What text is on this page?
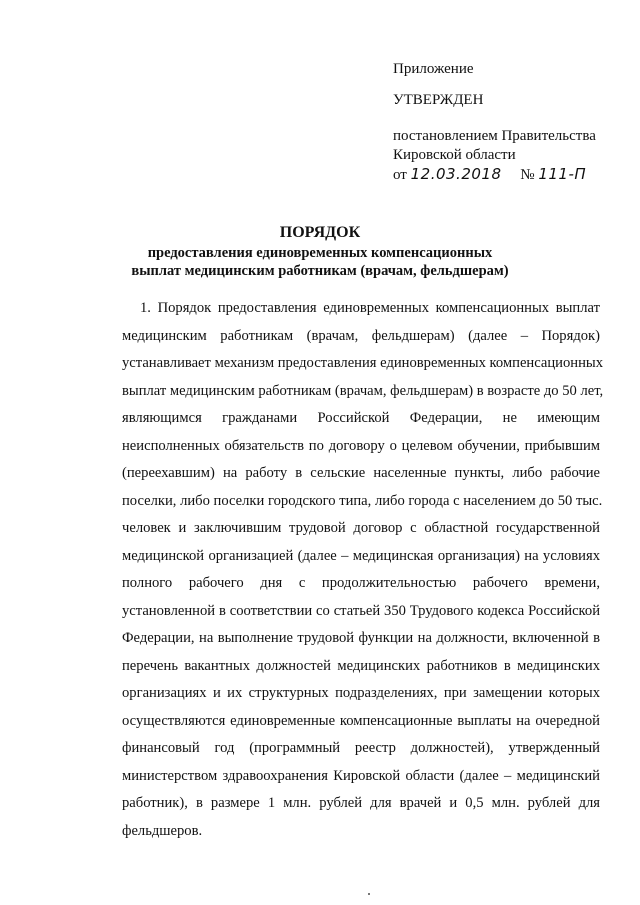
Приложение
УТВЕРЖДЕН
постановлением Правительства
Кировской области
от 12.03.2018 № 111-П
ПОРЯДОК
предоставления единовременных компенсационных
выплат медицинским работникам (врачам, фельдшерам)
1. Порядок предоставления единовременных компенсационных выплат
медицинским работникам (врачам, фельдшерам) (далее – Порядок)
устанавливает механизм предоставления единовременных компенсационных
выплат медицинским работникам (врачам, фельдшерам) в возрасте до 50 лет,
являющимся гражданами Российской Федерации, не имеющим
неисполненных обязательств по договору о целевом обучении, прибывшим
(переехавшим) на работу в сельские населенные пункты, либо рабочие
поселки, либо поселки городского типа, либо города с населением до 50 тыс.
человек и заключившим трудовой договор с областной государственной
медицинской организацией (далее – медицинская организация) на условиях
полного рабочего дня с продолжительностью рабочего времени,
установленной в соответствии со статьей 350 Трудового кодекса Российской
Федерации, на выполнение трудовой функции на должности, включенной в
перечень вакантных должностей медицинских работников в медицинских
организациях и их структурных подразделениях, при замещении которых
осуществляются единовременные компенсационные выплаты на очередной
финансовый год (программный реестр должностей), утвержденный
министерством здравоохранения Кировской области (далее – медицинский
работник), в размере 1 млн. рублей для врачей и 0,5 млн. рублей для
фельдшеров.
